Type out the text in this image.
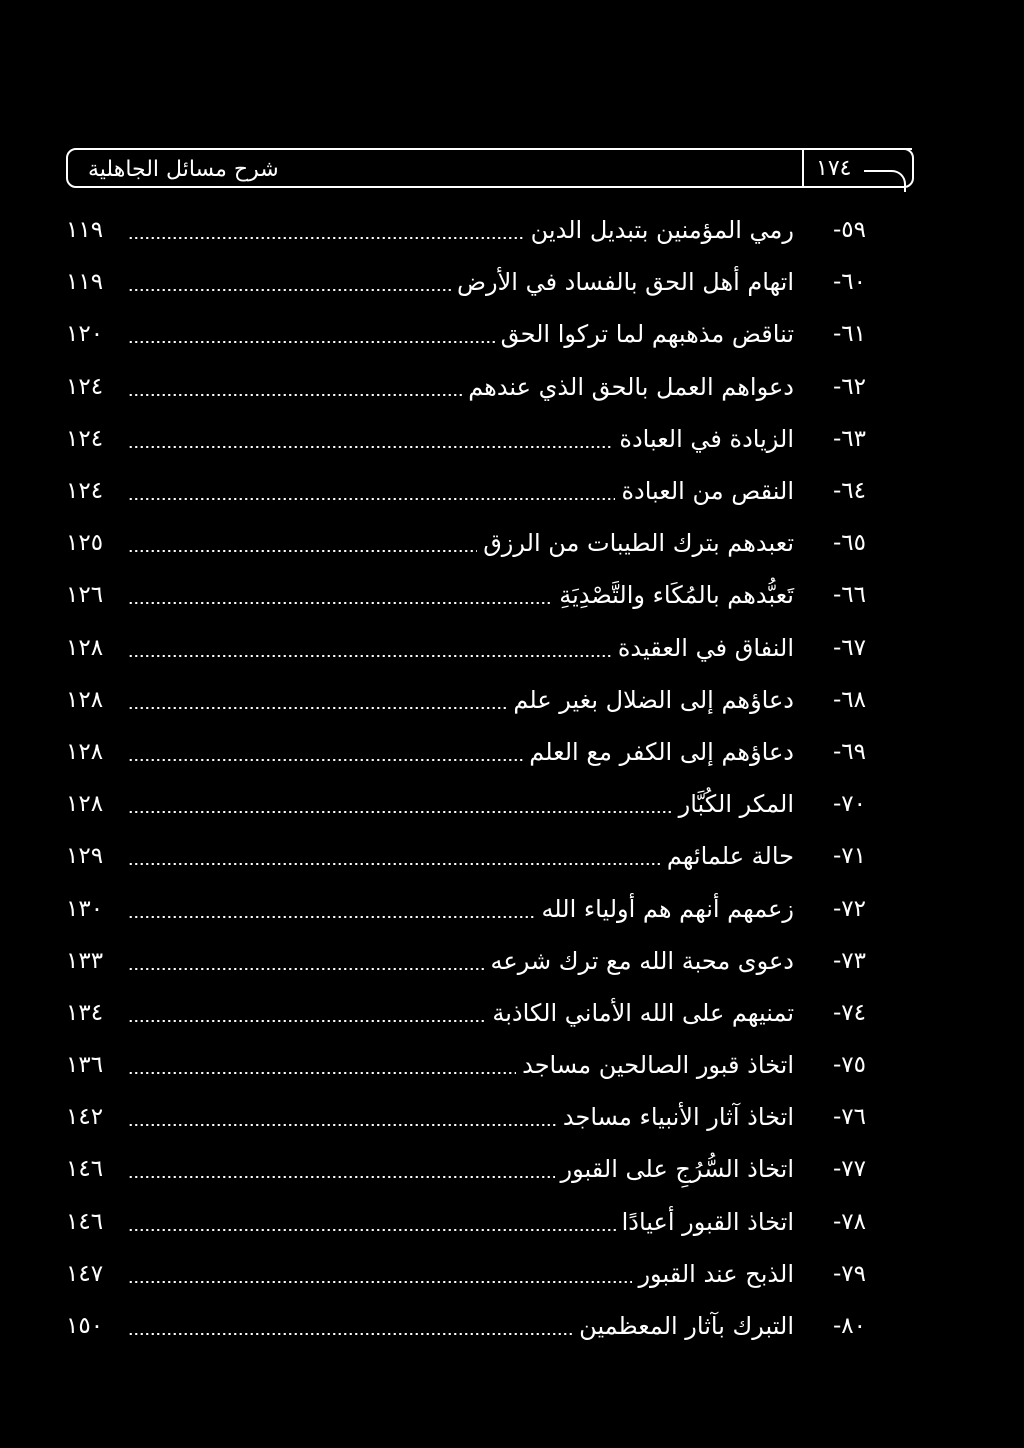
شرح مسائل الجاهلية	١٧٤
٥٩-
رمي المؤمنين بتبديل الدين
١١٩
٦٠-
اتهام أهل الحق بالفساد في الأرض
١١٩
٦١-
تناقض مذهبهم لما تركوا الحق
١٢٠
٦٢-
دعواهم العمل بالحق الذي عندهم
١٢٤
٦٣-
الزيادة في العبادة
١٢٤
٦٤-
النقص من العبادة
١٢٤
٦٥-
تعبدهم بترك الطيبات من الرزق
١٢٥
٦٦-
تَعبُّدهم بالمُكَاء والتَّصْدِيَةِ
١٢٦
٦٧-
النفاق في العقيدة
١٢٨
٦٨-
دعاؤهم إلى الضلال بغير علم
١٢٨
٦٩-
دعاؤهم إلى الكفر مع العلم
١٢٨
٧٠-
المكر الكُبَّار
١٢٨
٧١-
حالة علمائهم
١٢٩
٧٢-
زعمهم أنهم هم أولياء الله
١٣٠
٧٣-
دعوى محبة الله مع ترك شرعه
١٣٣
٧٤-
تمنيهم على الله الأماني الكاذبة
١٣٤
٧٥-
اتخاذ قبور الصالحين مساجد
١٣٦
٧٦-
اتخاذ آثار الأنبياء مساجد
١٤٢
٧٧-
اتخاذ السُّرُجِ على القبور
١٤٦
٧٨-
اتخاذ القبور أعيادًا
١٤٦
٧٩-
الذبح عند القبور
١٤٧
٨٠-
التبرك بآثار المعظمين
١٥٠
